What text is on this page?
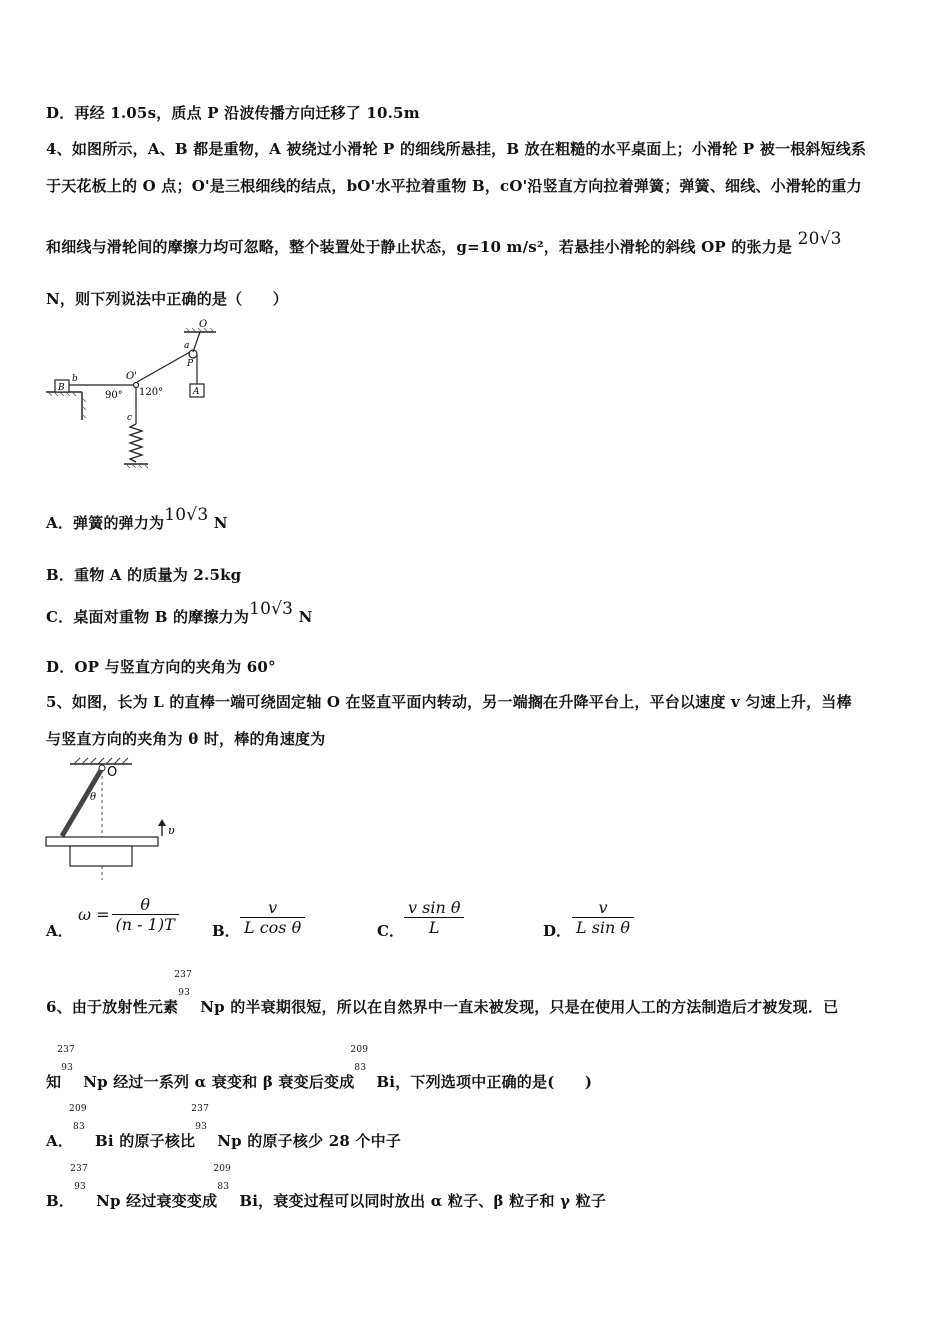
D．再经 1.05s，质点 P 沿波传播方向迁移了 10.5m
4、如图所示，A、B 都是重物，A 被绕过小滑轮 P 的细线所悬挂，B 放在粗糙的水平桌面上；小滑轮 P 被一根斜短线系
于天花板上的 O 点；O'是三根细线的结点，bO'水平拉着重物 B，cO'沿竖直方向拉着弹簧；弹簧、细线、小滑轮的重力
和细线与滑轮间的摩擦力均可忽略，整个装置处于静止状态，g=10 m/s²，若悬挂小滑轮的斜线 OP 的张力是 20√3
N，则下列说法中正确的是（　　）
O
a
P
A
B
b	O'
90° 120°
c
A．弹簧的弹力为10√3 N
B．重物 A 的质量为 2.5kg
C．桌面对重物 B 的摩擦力为10√3 N
D．OP 与竖直方向的夹角为 60°
5、如图，长为 L 的直棒一端可绕固定轴 O 在竖直平面内转动，另一端搁在升降平台上，平台以速度 v 匀速上升，当棒
与竖直方向的夹角为 θ 时，棒的角速度为
O
θ
υ
A．
$\omega = \frac{\theta}{(n - 1)T}$ B． $\frac{v}{\text{L cos θ}}$	C． $\frac{\text{v sin θ}}{L}$	D． $\frac{v}{\text{L sin θ}}$
6、由于放射性元素
237
93
Np 的半衰期很短，所以在自然界中一直未被发现，只是在使用人工的方法制造后才被发现．已
知
237
93
Np 经过一系列 α 衰变和 β 衰变后变成
209
83
Bi，下列选项中正确的是(　　)
A．
209
83
Bi 的原子核比
237
93
Np 的原子核少 28 个中子
B．
237
93
Np 经过衰变变成
209
83
Bi，衰变过程可以同时放出 α 粒子、β 粒子和 γ 粒子
